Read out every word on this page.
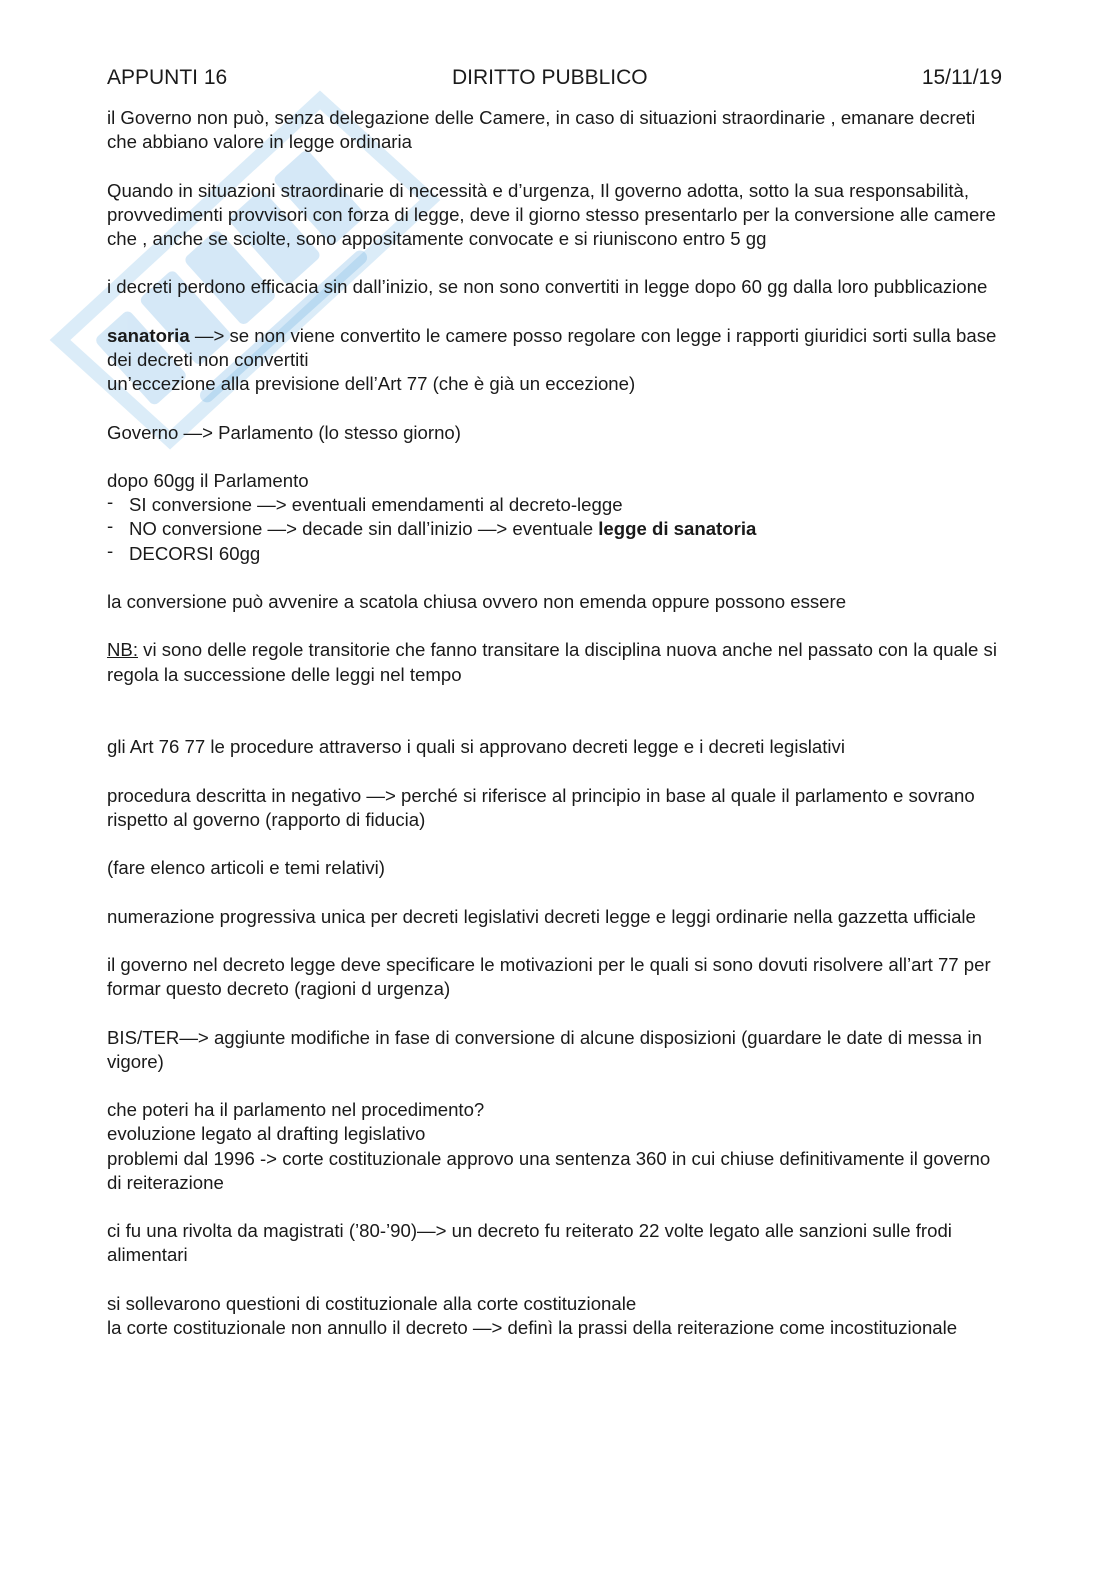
APPUNTI 16	DIRITTO PUBBLICO	15/11/19

il Governo non può, senza delegazione delle Camere, in caso di situazioni straordinarie , emanare decreti che abbiano valore in legge ordinaria

Quando in situazioni straordinarie di necessità e d’urgenza, Il governo adotta, sotto la sua responsabilità, provvedimenti provvisori con forza di legge, deve il giorno stesso presentarlo per la conversione alle camere che , anche se sciolte, sono appositamente convocate e si riuniscono entro 5 gg

i decreti perdono efficacia sin dall’inizio, se non sono convertiti in legge dopo 60 gg dalla loro pubblicazione

sanatoria —> se non viene convertito le camere posso regolare con legge i rapporti giuridici sorti sulla base dei decreti non convertiti

un’eccezione alla previsione dell’Art 77 (che è già un eccezione)

Governo —> Parlamento (lo stesso giorno)

dopo 60gg il Parlamento

- SI conversione —> eventuali emendamenti al decreto-legge
- NO conversione —> decade sin dall’inizio —> eventuale legge di sanatoria
- DECORSI 60gg

la conversione può avvenire a scatola chiusa ovvero non emenda oppure possono essere

NB: vi sono delle regole transitorie che fanno transitare la disciplina nuova anche nel passato con la quale si regola la successione delle leggi nel tempo

gli Art 76 77 le procedure attraverso i quali si approvano decreti legge e i decreti legislativi

procedura descritta in negativo —> perché si riferisce al principio in base al quale il parlamento e sovrano rispetto al governo (rapporto di fiducia)

(fare elenco articoli e temi relativi)

numerazione progressiva unica per decreti legislativi decreti legge e leggi ordinarie nella gazzetta ufficiale

il governo nel decreto legge deve specificare le motivazioni per le quali si sono dovuti risolvere all’art 77 per formar questo decreto (ragioni d urgenza)

BIS/TER—> aggiunte modifiche in fase di conversione di alcune disposizioni (guardare le date di messa in vigore)

che poteri ha il parlamento nel procedimento?

evoluzione legato al drafting legislativo

problemi dal 1996 -> corte costituzionale approvo una sentenza 360 in cui chiuse definitivamente il governo di reiterazione

ci fu una rivolta da magistrati (’80-’90)—> un decreto fu reiterato 22 volte legato alle sanzioni sulle frodi alimentari

si sollevarono questioni di costituzionale alla corte costituzionale

la corte costituzionale non annullo il decreto —> definì la prassi della reiterazione come incostituzionale
